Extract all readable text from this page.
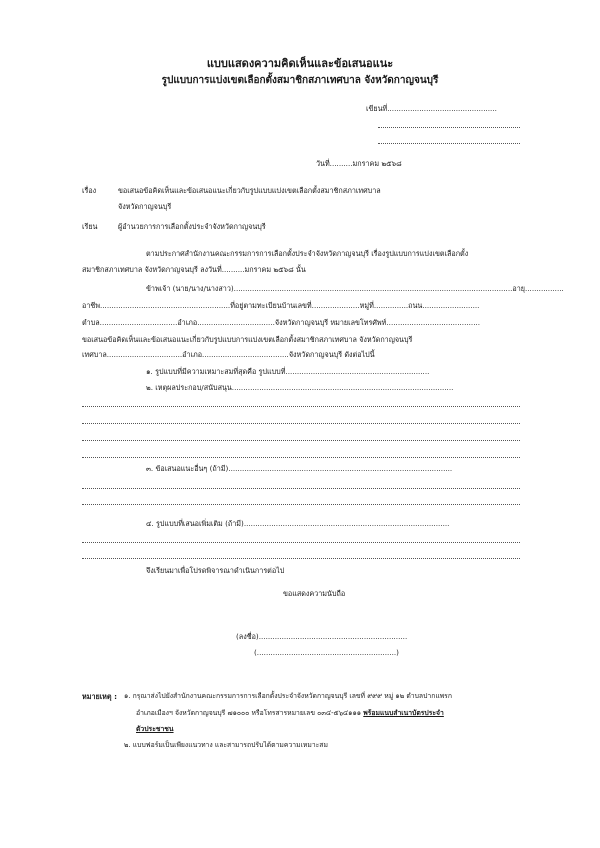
แบบแสดงความคิดเห็นและข้อเสนอแนะ
รูปแบบการแบ่งเขตเลือกตั้งสมาชิกสภาเทศบาล จังหวัดกาญจนบุรี
เขียนที่................................................
วันที่..........มกราคม ๒๕๖๘
เรื่อง	ขอเสนอข้อคิดเห็นและข้อเสนอแนะเกี่ยวกับรูปแบบแบ่งเขตเลือกตั้งสมาชิกสภาเทศบาล
จังหวัดกาญจนบุรี
เรียน	ผู้อำนวยการการเลือกตั้งประจำจังหวัดกาญจนบุรี
ตามประกาศสำนักงานคณะกรรมการการเลือกตั้งประจำจังหวัดกาญจนบุรี เรื่องรูปแบบการแบ่งเขตเลือกตั้ง
สมาชิกสภาเทศบาล จังหวัดกาญจนบุรี ลงวันที่..........มกราคม ๒๕๖๘ นั้น
ข้าพเจ้า (นาย/นาง/นางสาว)..........................................................................................................................อายุ.................
อาชีพ.........................................................ที่อยู่ตามทะเบียนบ้านเลขที่.....................หมู่ที่...............ถนน.........................
ตำบล..................................อำเภอ..................................จังหวัดกาญจนบุรี หมายเลขโทรศัพท์.........................................
ขอเสนอข้อคิดเห็นและข้อเสนอแนะเกี่ยวกับรูปแบบการแบ่งเขตเลือกตั้งสมาชิกสภาเทศบาล จังหวัดกาญจนบุรี
เทศบาล.................................อำเภอ......................................จังหวัดกาญจนบุรี ดังต่อไปนี้
๑. รูปแบบที่มีความเหมาะสมที่สุดคือ รูปแบบที่...............................................................
๒. เหตุผลประกอบ/สนับสนุน.................................................................................................
๓. ข้อเสนอแนะอื่นๆ (ถ้ามี)..................................................................................................
๔. รูปแบบที่เสนอเพิ่มเติม (ถ้ามี)..........................................................................................
จึงเรียนมาเพื่อโปรดพิจารณาดำเนินการต่อไป
ขอแสดงความนับถือ
(ลงชื่อ).................................................................
(.............................................................)
หมายเหตุ : ๑. กรุณาส่งไปยังสำนักงานคณะกรรมการการเลือกตั้งประจำจังหวัดกาญจนบุรี เลขที่ ๙๙๙ หมู่ ๑๒ ตำบลปากแพรก
อำเภอเมืองฯ จังหวัดกาญจนบุรี ๗๑๐๐๐ หรือโทรสารหมายเลข ๐๓๔-๕๖๔๑๑๑ พร้อมแนบสำเนาบัตรประจำ
ตัวประชาชน
๒. แบบฟอร์มเป็นเพียงแนวทาง และสามารถปรับได้ตามความเหมาะสม
